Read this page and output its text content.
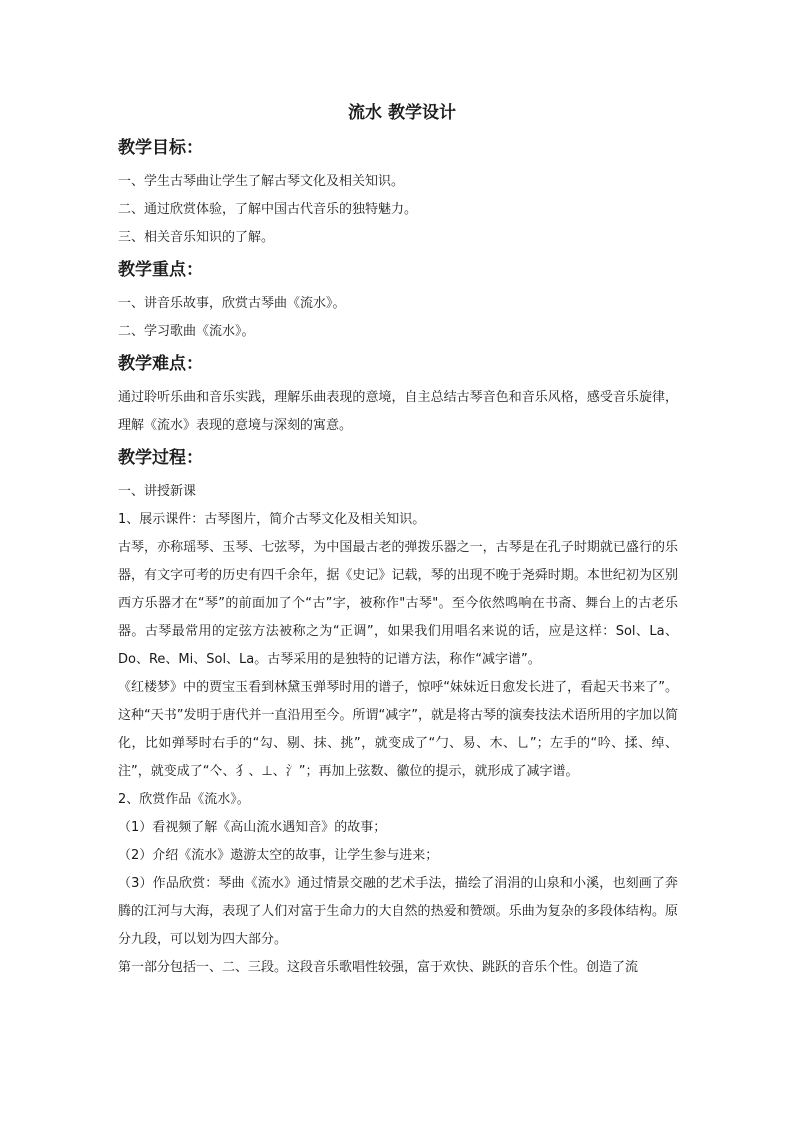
流水 教学设计
教学目标：
一、学生古琴曲让学生了解古琴文化及相关知识。
二、通过欣赏体验，了解中国古代音乐的独特魅力。
三、相关音乐知识的了解。
教学重点：
一、讲音乐故事，欣赏古琴曲《流水》。
二、学习歌曲《流水》。
教学难点：
通过聆听乐曲和音乐实践，理解乐曲表现的意境，自主总结古琴音色和音乐风格，感受音乐旋律，理解《流水》表现的意境与深刻的寓意。
教学过程：
一、讲授新课
1、展示课件：古琴图片，简介古琴文化及相关知识。
古琴，亦称瑶琴、玉琴、七弦琴，为中国最古老的弹拨乐器之一，古琴是在孔子时期就已盛行的乐器，有文字可考的历史有四千余年，据《史记》记载，琴的出现不晚于尧舜时期。本世纪初为区别西方乐器才在“琴”的前面加了个“古”字，被称作"古琴"。至今依然鸣响在书斋、舞台上的古老乐器。古琴最常用的定弦方法被称之为“正调”，如果我们用唱名来说的话，应是这样：Sol、La、Do、Re、Mi、Sol、La。古琴采用的是独特的记谱方法，称作“减字谱”。
《红楼梦》中的贾宝玉看到林黛玉弹琴时用的谱子，惊呼“妹妹近日愈发长进了，看起天书来了”。这种“天书”发明于唐代并一直沿用至今。所谓“减字”，就是将古琴的演奏技法术语所用的字加以简化，比如弹琴时右手的“勾、剔、抹、挑”，就变成了“勹、易、木、乚”；左手的“吟、揉、绰、注”，就变成了“亽、犭、⊥、氵”；再加上弦数、徽位的提示，就形成了减字谱。
2、欣赏作品《流水》。
（1）看视频了解《高山流水遇知音》的故事；
（2）介绍《流水》遨游太空的故事，让学生参与进来；
（3）作品欣赏：琴曲《流水》通过情景交融的艺术手法，描绘了涓涓的山泉和小溪，也刻画了奔腾的江河与大海，表现了人们对富于生命力的大自然的热爱和赞颂。乐曲为复杂的多段体结构。原分九段，可以划为四大部分。
第一部分包括一、二、三段。这段音乐歌唱性较强，富于欢快、跳跃的音乐个性。创造了流
